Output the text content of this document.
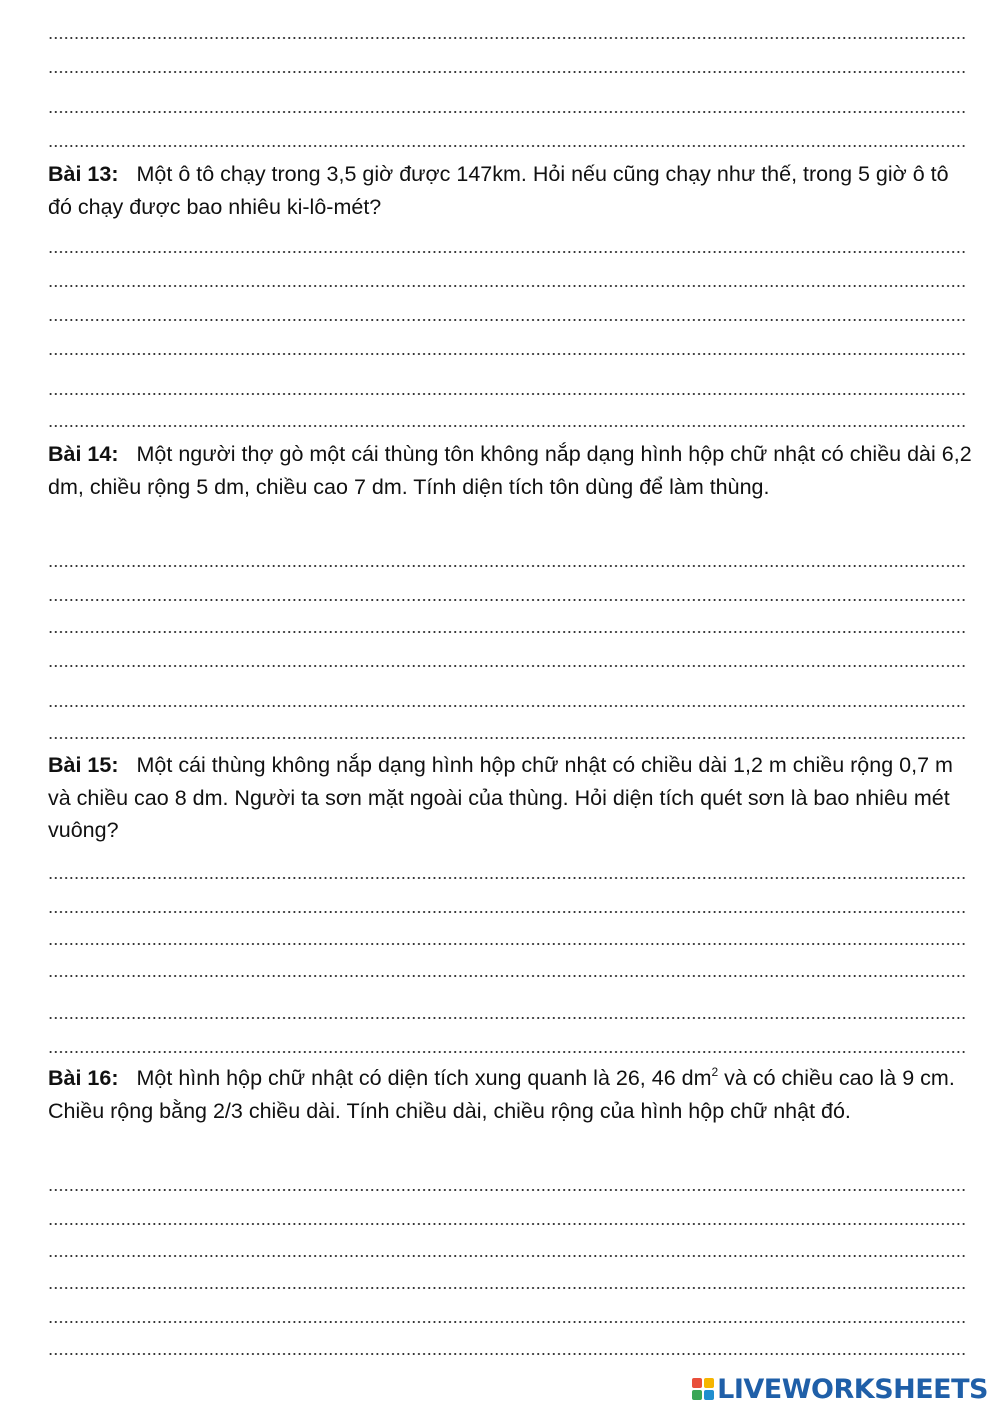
Bài 13: Một ô tô chạy trong 3,5 giờ được 147km. Hỏi nếu cũng chạy như thế, trong 5 giờ ô tô đó chạy được bao nhiêu ki-lô-mét?

Bài 14: Một người thợ gò một cái thùng tôn không nắp dạng hình hộp chữ nhật có chiều dài 6,2 dm, chiều rộng 5 dm, chiều cao 7 dm. Tính diện tích tôn dùng để làm thùng.

Bài 15: Một cái thùng không nắp dạng hình hộp chữ nhật có chiều dài 1,2 m chiều rộng 0,7 m và chiều cao 8 dm. Người ta sơn mặt ngoài của thùng. Hỏi diện tích quét sơn là bao nhiêu mét vuông?

Bài 16: Một hình hộp chữ nhật có diện tích xung quanh là 26, 46 $dm^2$ và có chiều cao là 9 cm. Chiều rộng bằng 2/3 chiều dài. Tính chiều dài, chiều rộng của hình hộp chữ nhật đó.

LIVEWORKSHEETS
